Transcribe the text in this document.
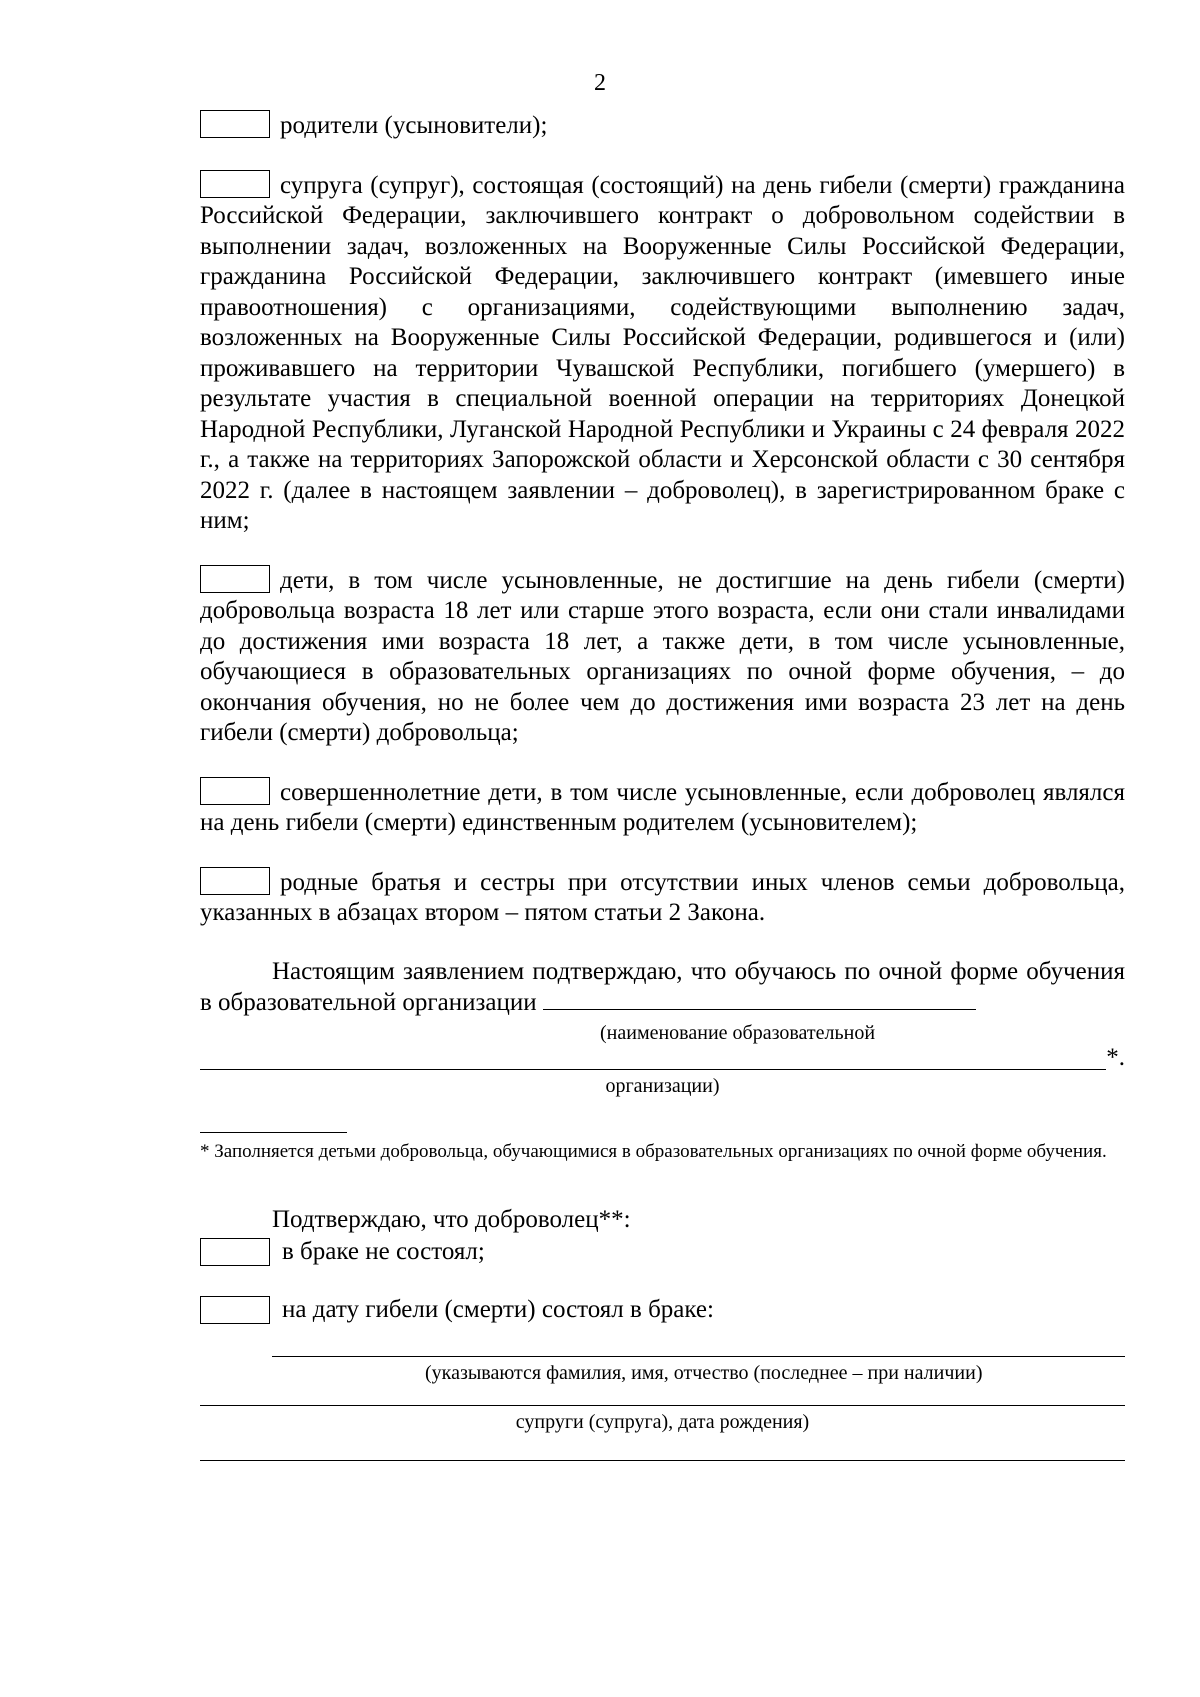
2

родители (усыновители);

супруга (супруг), состоящая (состоящий) на день гибели (смерти) гражданина Российской Федерации, заключившего контракт о добровольном содействии в выполнении задач, возложенных на Вооруженные Силы Российской Федерации, гражданина Российской Федерации, заключившего контракт (имевшего иные правоотношения) с организациями, содействующими выполнению задач, возложенных на Вооруженные Силы Российской Федерации, родившегося и (или) проживавшего на территории Чувашской Республики, погибшего (умершего) в результате участия в специальной военной операции на территориях Донецкой Народной Республики, Луганской Народной Республики и Украины с 24 февраля 2022 г., а также на территориях Запорожской области и Херсонской области с 30 сентября 2022 г. (далее в настоящем заявлении – доброволец), в зарегистрированном браке с ним;

дети, в том числе усыновленные, не достигшие на день гибели (смерти) добровольца возраста 18 лет или старше этого возраста, если они стали инвалидами до достижения ими возраста 18 лет, а также дети, в том числе усыновленные, обучающиеся в образовательных организациях по очной форме обучения, – до окончания обучения, но не более чем до достижения ими возраста 23 лет на день гибели (смерти) добровольца;

совершеннолетние дети, в том числе усыновленные, если доброволец являлся на день гибели (смерти) единственным родителем (усыновителем);

родные братья и сестры при отсутствии иных членов семьи добровольца, указанных в абзацах втором – пятом статьи 2 Закона.

Настоящим заявлением подтверждаю, что обучаюсь по очной форме обучения в образовательной организации

(наименование образовательной
*.
организации)
* Заполняется детьми добровольца, обучающимися в образовательных организациях по очной форме обучения.
Подтверждаю, что доброволец**:
в браке не состоял;
на дату гибели (смерти) состоял в браке:
(указываются фамилия, имя, отчество (последнее – при наличии)
супруги (супруга), дата рождения)
